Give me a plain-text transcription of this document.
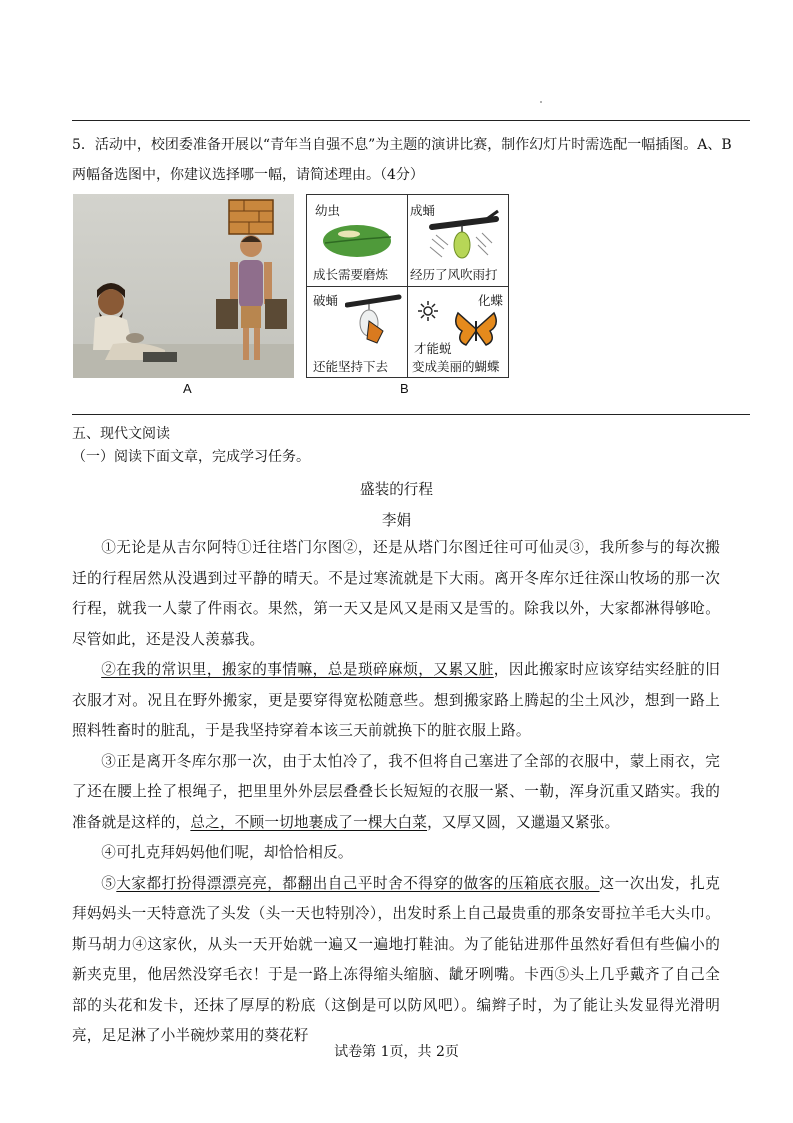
5．活动中，校团委准备开展以“青年当自强不息”为主题的演讲比赛，制作幻灯片时需选配一幅插图。A、B
两幅备选图中，你建议选择哪一幅，请简述理由。（4分）
A
幼虫
成长需要磨炼
成蛹
经历了风吹雨打
破蛹
还能坚持下去
化蝶
才能蜕
变成美丽的蝴蝶
B
五、现代文阅读
（一）阅读下面文章，完成学习任务。
盛装的行程
李娟

①无论是从吉尔阿特①迁往塔门尔图②，还是从塔门尔图迁往可可仙灵③，我所参与的每次搬迁的行程居然从没遇到过平静的晴天。不是过寒流就是下大雨。离开冬库尔迁往深山牧场的那一次行程，就我一人蒙了件雨衣。果然，第一天又是风又是雨又是雪的。除我以外，大家都淋得够呛。尽管如此，还是没人羡慕我。

②在我的常识里，搬家的事情嘛，总是琐碎麻烦，又累又脏，因此搬家时应该穿结实经脏的旧衣服才对。况且在野外搬家，更是要穿得宽松随意些。想到搬家路上腾起的尘土风沙，想到一路上照料牲畜时的脏乱，于是我坚持穿着本该三天前就换下的脏衣服上路。

③正是离开冬库尔那一次，由于太怕冷了，我不但将自己塞进了全部的衣服中，蒙上雨衣，完了还在腰上拴了根绳子，把里里外外层层叠叠长长短短的衣服一紧、一勒，浑身沉重又踏实。我的准备就是这样的，总之，不顾一切地裹成了一棵大白菜，又厚又圆，又邋遢又紧张。

④可扎克拜妈妈他们呢，却恰恰相反。

⑤大家都打扮得漂漂亮亮，都翻出自己平时舍不得穿的做客的压箱底衣服。这一次出发，扎克拜妈妈头一天特意洗了头发（头一天也特别冷），出发时系上自己最贵重的那条安哥拉羊毛大头巾。斯马胡力④这家伙，从头一天开始就一遍又一遍地打鞋油。为了能钻进那件虽然好看但有些偏小的新夹克里，他居然没穿毛衣！于是一路上冻得缩头缩脑、龇牙咧嘴。卡西⑤头上几乎戴齐了自己全部的头花和发卡，还抹了厚厚的粉底（这倒是可以防风吧）。编辫子时，为了能让头发显得光滑明亮，足足淋了小半碗炒菜用的葵花籽

试卷第 1页，共 2页
